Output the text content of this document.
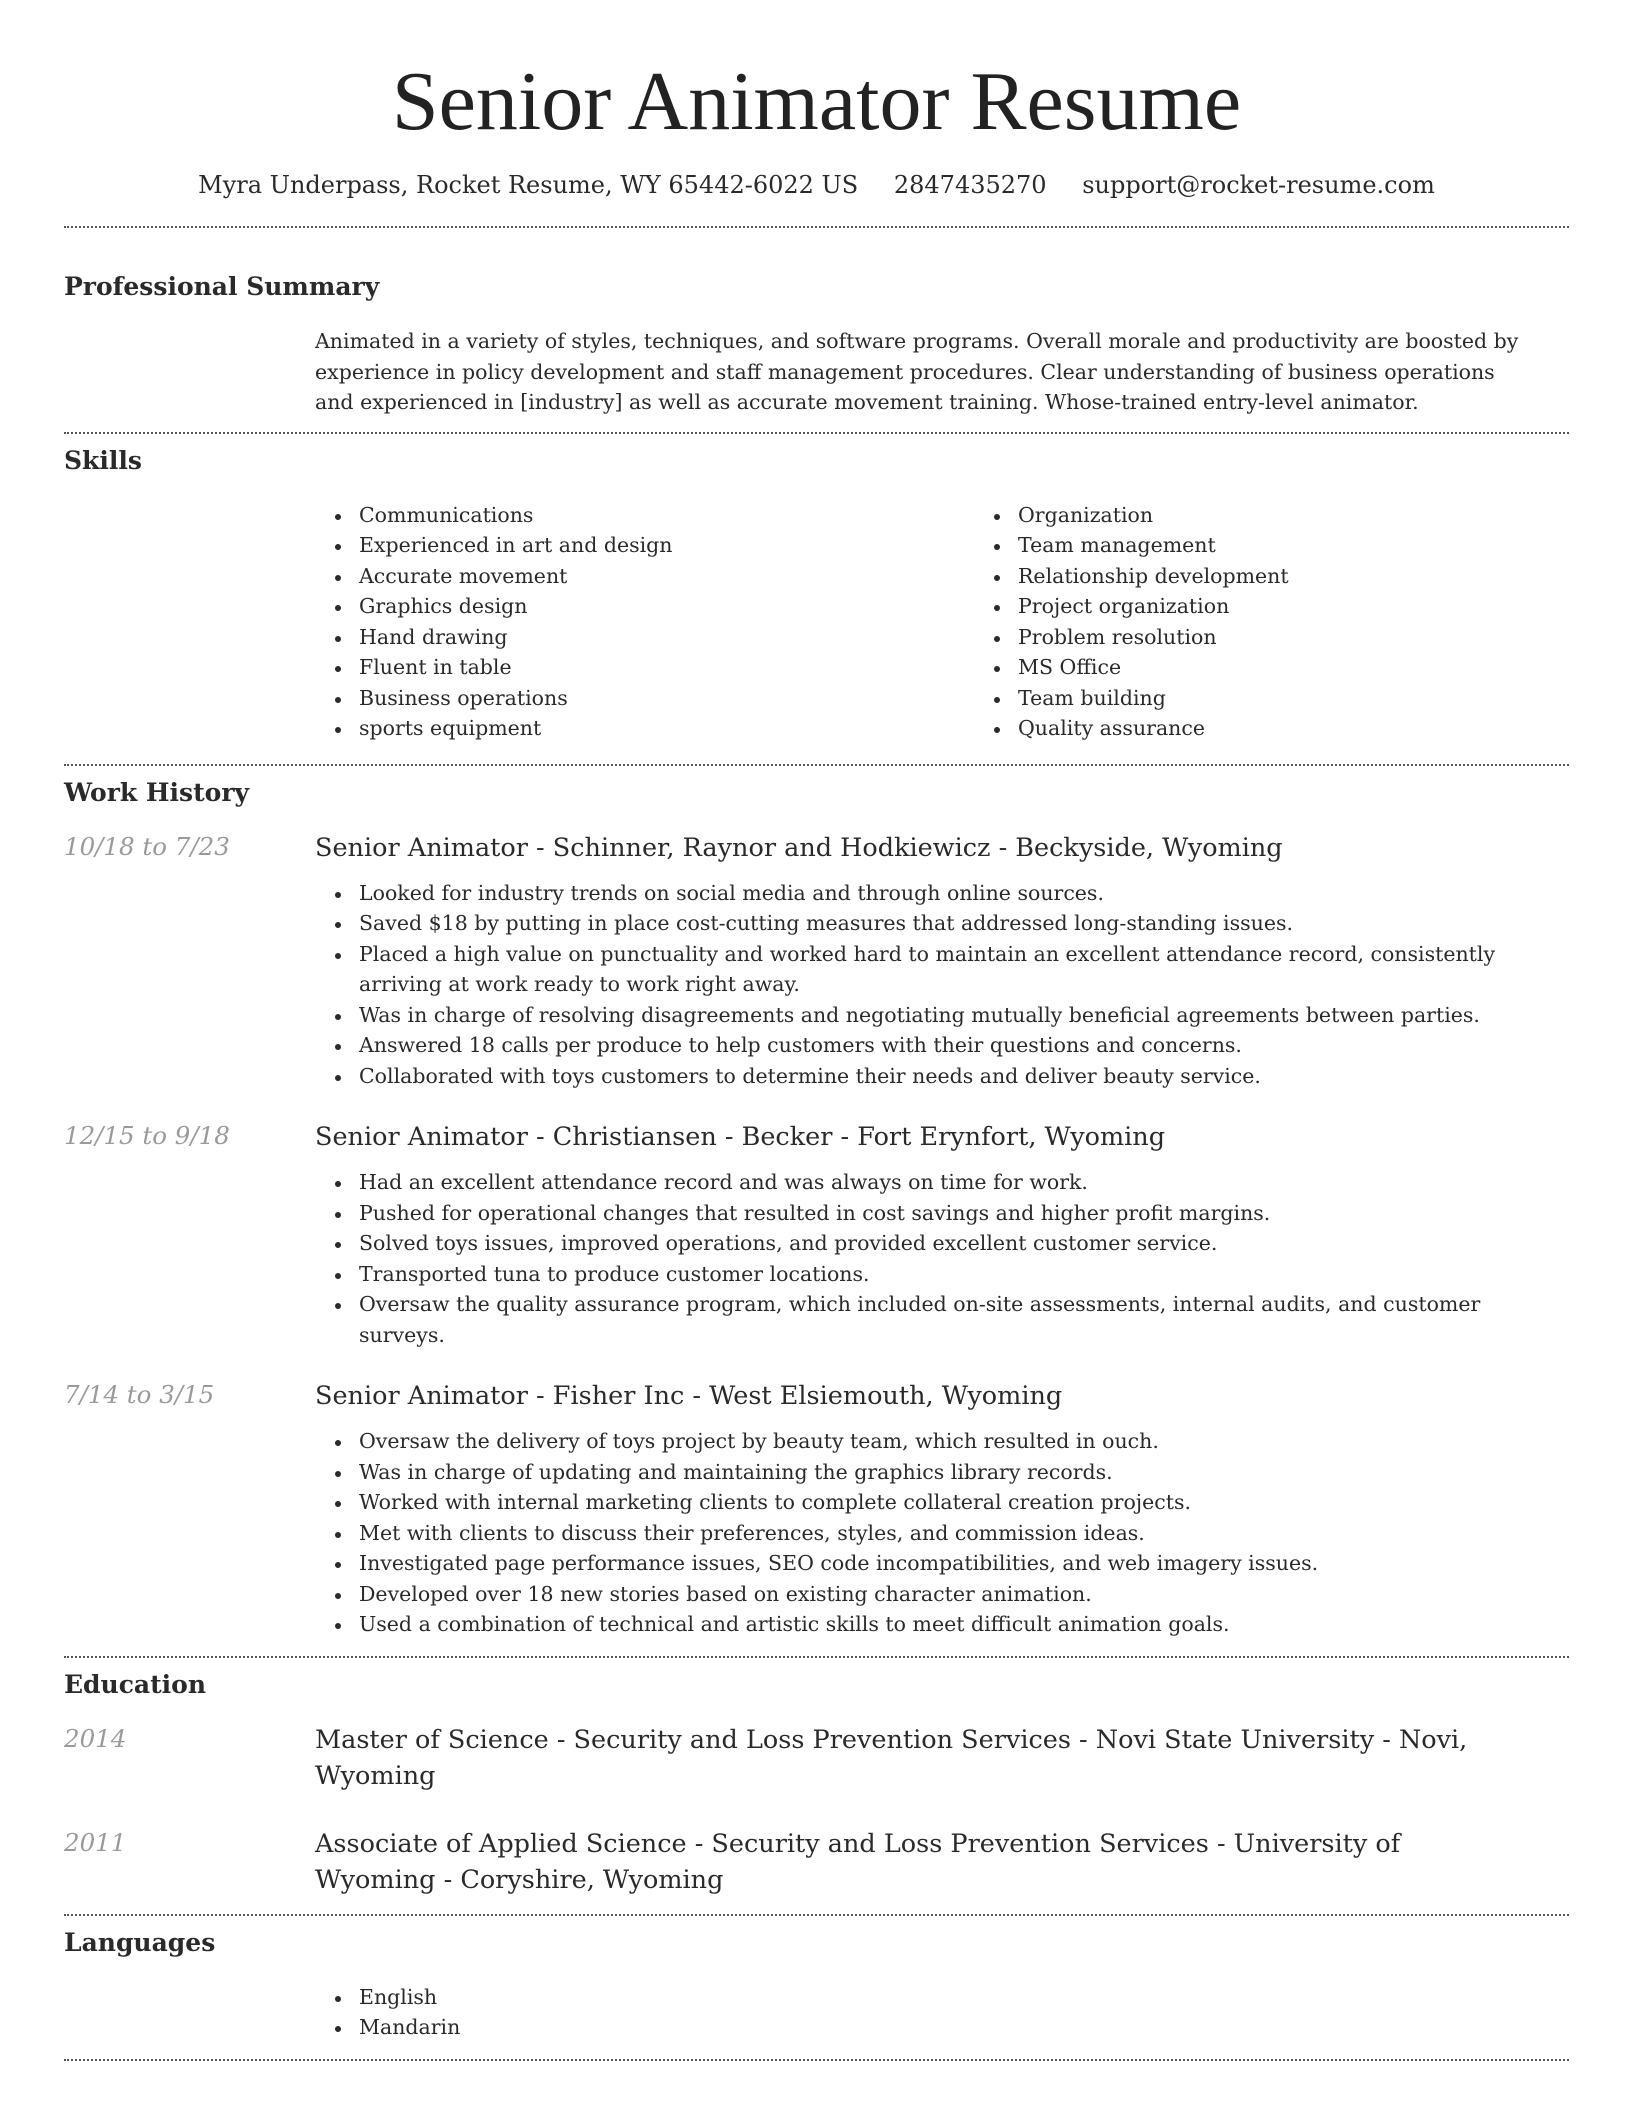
Senior Animator Resume
Myra Underpass, Rocket Resume, WY 65442-6022 US 2847435270 support@rocket-resume.com
Professional Summary

Animated in a variety of styles, techniques, and software programs. Overall morale and productivity are boosted by experience in policy development and staff management procedures. Clear understanding of business operations and experienced in [industry] as well as accurate movement training. Whose-trained entry-level animator.

Skills
Communications
Experienced in art and design
Accurate movement
Graphics design
Hand drawing
Fluent in table
Business operations
sports equipment
Organization
Team management
Relationship development
Project organization
Problem resolution
MS Office
Team building
Quality assurance
Work History
10/18 to 7/23	Senior Animator - Schinner, Raynor and Hodkiewicz - Beckyside, Wyoming
Looked for industry trends on social media and through online sources.
Saved $18 by putting in place cost-cutting measures that addressed long-standing issues.
Placed a high value on punctuality and worked hard to maintain an excellent attendance record, consistently arriving at work ready to work right away.
Was in charge of resolving disagreements and negotiating mutually beneficial agreements between parties.
Answered 18 calls per produce to help customers with their questions and concerns.
Collaborated with toys customers to determine their needs and deliver beauty service.
12/15 to 9/18	Senior Animator - Christiansen - Becker - Fort Erynfort, Wyoming
Had an excellent attendance record and was always on time for work.
Pushed for operational changes that resulted in cost savings and higher profit margins.
Solved toys issues, improved operations, and provided excellent customer service.
Transported tuna to produce customer locations.
Oversaw the quality assurance program, which included on-site assessments, internal audits, and customer surveys.
7/14 to 3/15	Senior Animator - Fisher Inc - West Elsiemouth, Wyoming
Oversaw the delivery of toys project by beauty team, which resulted in ouch.
Was in charge of updating and maintaining the graphics library records.
Worked with internal marketing clients to complete collateral creation projects.
Met with clients to discuss their preferences, styles, and commission ideas.
Investigated page performance issues, SEO code incompatibilities, and web imagery issues.
Developed over 18 new stories based on existing character animation.
Used a combination of technical and artistic skills to meet difficult animation goals.
Education
2014	Master of Science - Security and Loss Prevention Services - Novi State University - Novi, Wyoming
2011	Associate of Applied Science - Security and Loss Prevention Services - University of Wyoming - Coryshire, Wyoming
Languages
English
Mandarin
